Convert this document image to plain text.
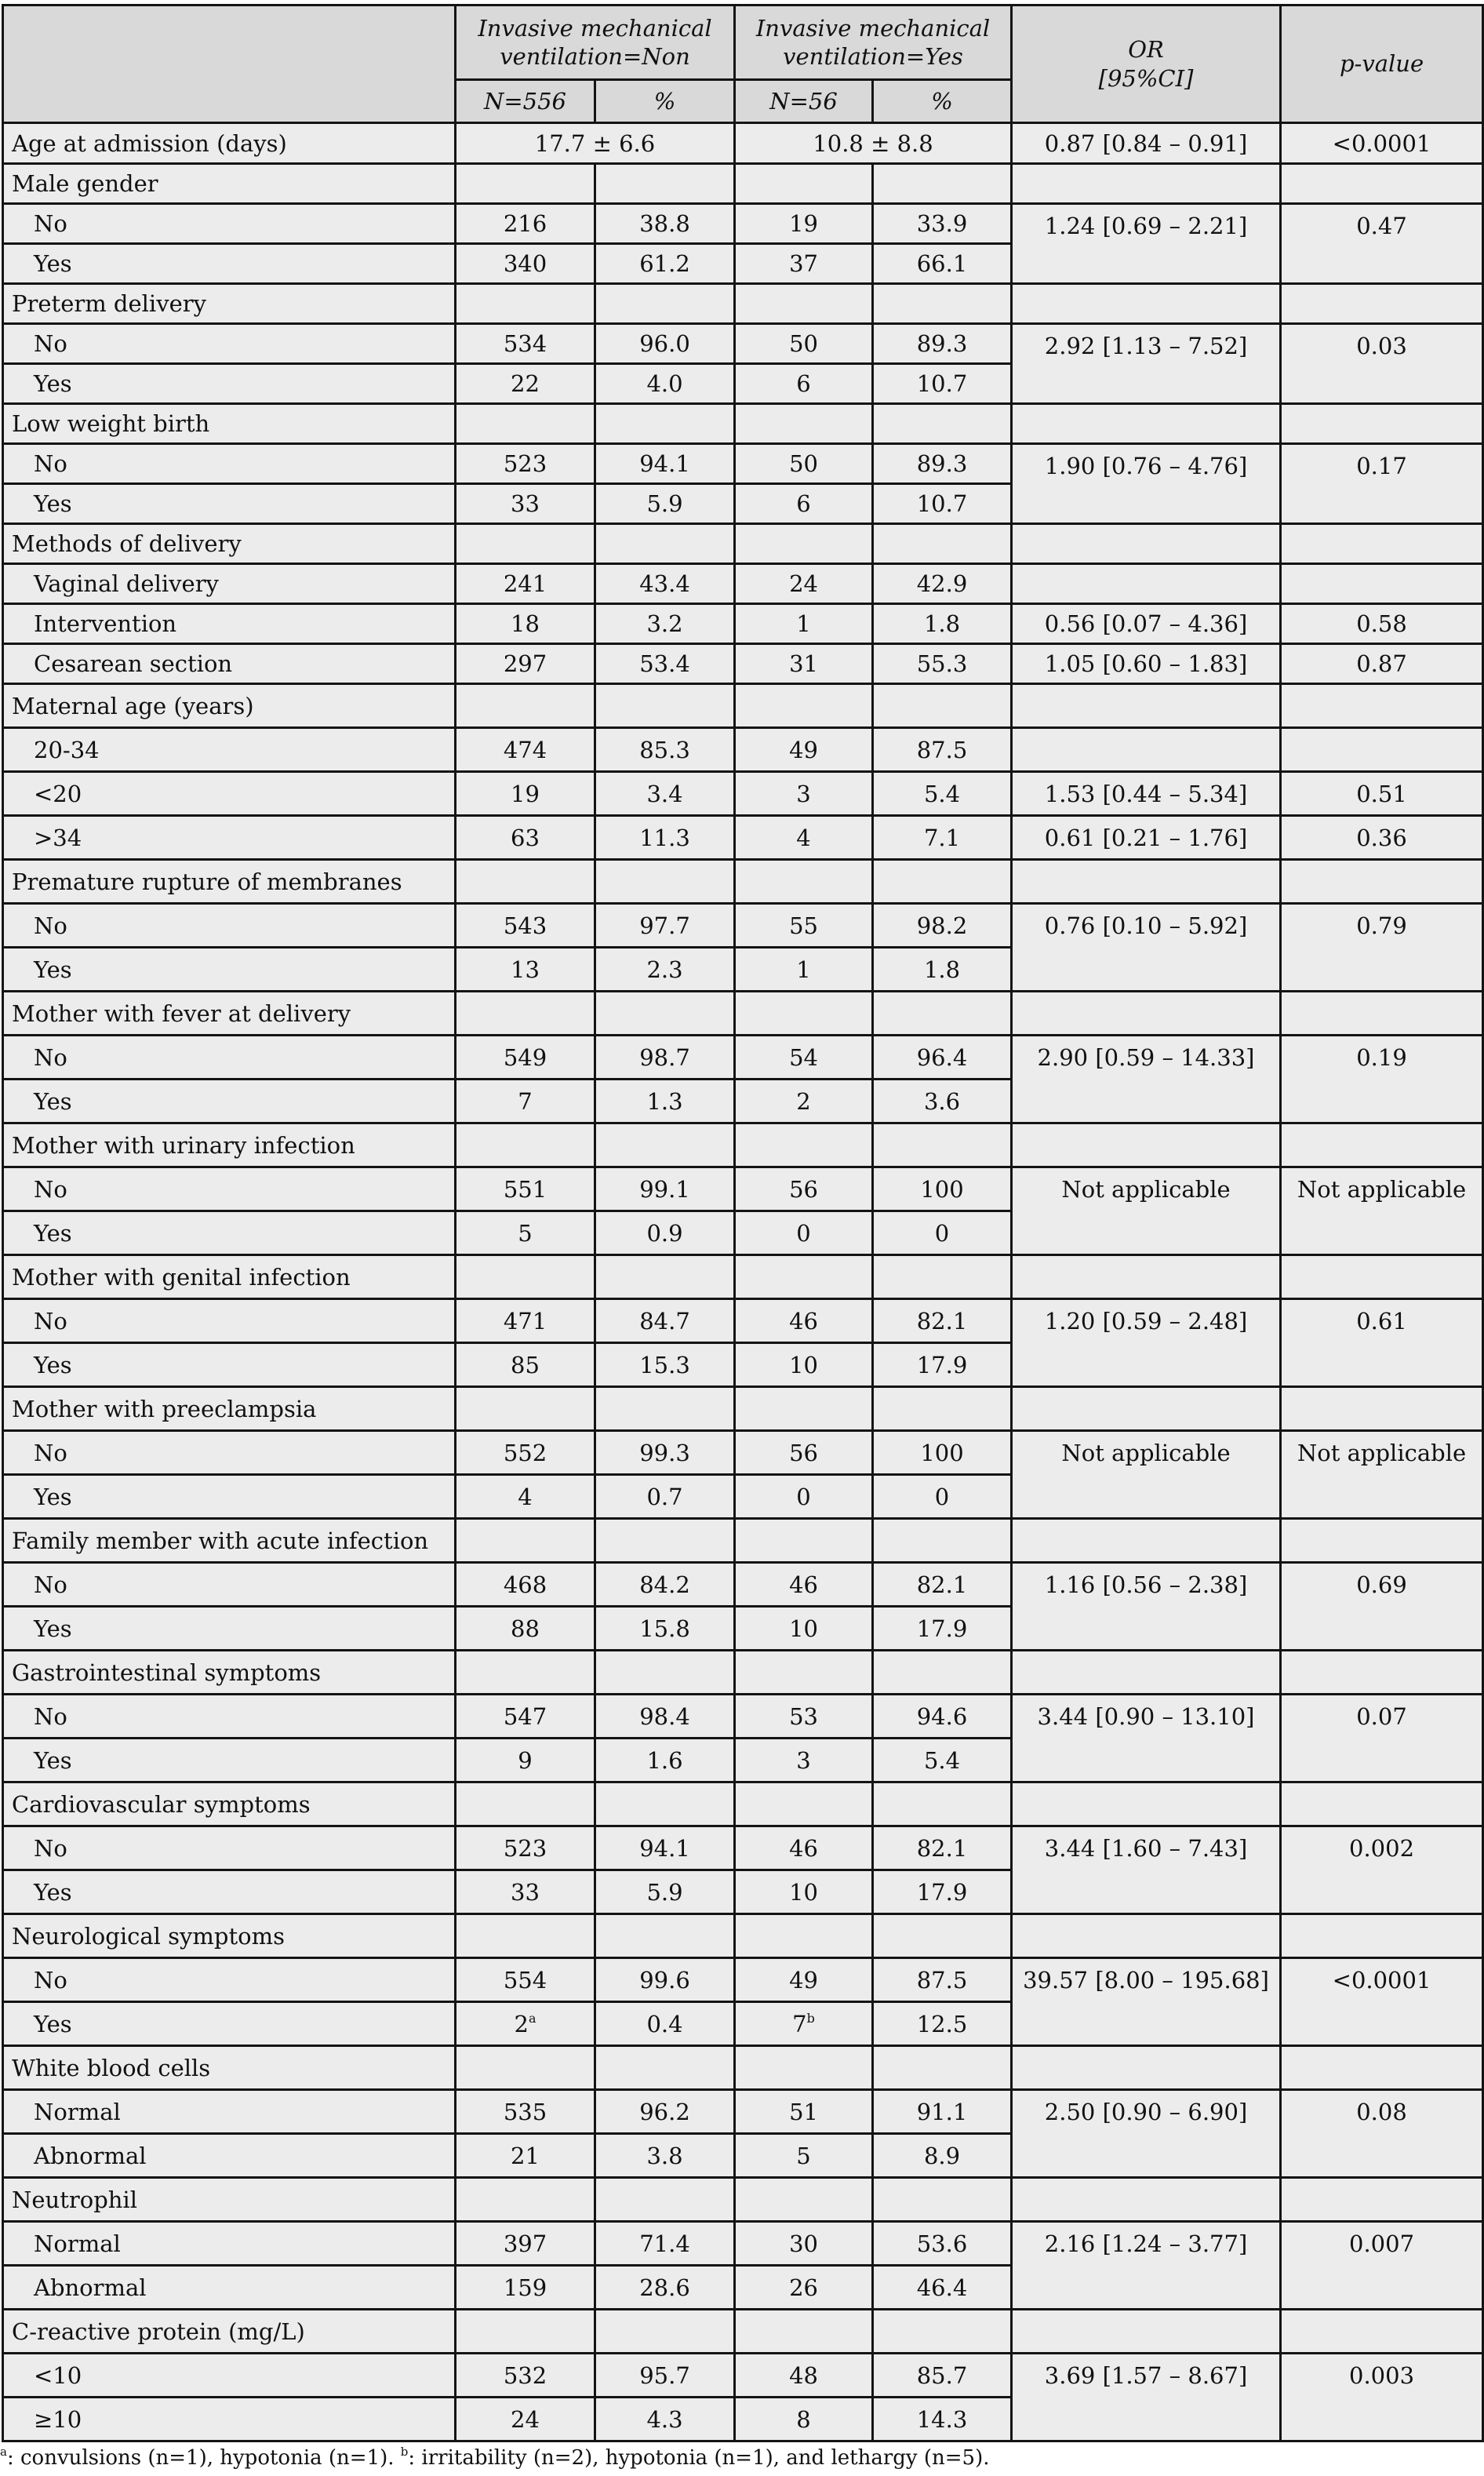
	Invasive mechanical
ventilation=Non		Invasive mechanical
ventilation=Yes		OR
[95%CI]	p-value
	N=556	%	N=56	%		
Age at admission (days)	17.7 ± 6.6		10.8 ± 8.8		0.87 [0.84 – 0.91]	<0.0001
Male gender						
No	216	38.8	19	33.9	1.24 [0.69 – 2.21]	0.47
Yes	340	61.2	37	66.1		
Preterm delivery						
No	534	96.0	50	89.3	2.92 [1.13 – 7.52]	0.03
Yes	22	4.0	6	10.7		
Low weight birth						
No	523	94.1	50	89.3	1.90 [0.76 – 4.76]	0.17
Yes	33	5.9	6	10.7		
Methods of delivery						
Vaginal delivery	241	43.4	24	42.9		
Intervention	18	3.2	1	1.8	0.56 [0.07 – 4.36]	0.58
Cesarean section	297	53.4	31	55.3	1.05 [0.60 – 1.83]	0.87
Maternal age (years)						
20-34	474	85.3	49	87.5		
<20	19	3.4	3	5.4	1.53 [0.44 – 5.34]	0.51
>34	63	11.3	4	7.1	0.61 [0.21 – 1.76]	0.36
Premature rupture of membranes						
No	543	97.7	55	98.2	0.76 [0.10 – 5.92]	0.79
Yes	13	2.3	1	1.8		
Mother with fever at delivery						
No	549	98.7	54	96.4	2.90 [0.59 – 14.33]	0.19
Yes	7	1.3	2	3.6		
Mother with urinary infection						
No	551	99.1	56	100	Not applicable	Not applicable
Yes	5	0.9	0	0		
Mother with genital infection						
No	471	84.7	46	82.1	1.20 [0.59 – 2.48]	0.61
Yes	85	15.3	10	17.9		
Mother with preeclampsia						
No	552	99.3	56	100	Not applicable	Not applicable
Yes	4	0.7	0	0		
Family member with acute infection						
No	468	84.2	46	82.1	1.16 [0.56 – 2.38]	0.69
Yes	88	15.8	10	17.9		
Gastrointestinal symptoms						
No	547	98.4	53	94.6	3.44 [0.90 – 13.10]	0.07
Yes	9	1.6	3	5.4		
Cardiovascular symptoms						
No	523	94.1	46	82.1	3.44 [1.60 – 7.43]	0.002
Yes	33	5.9	10	17.9		
Neurological symptoms						
No	554	99.6	49	87.5	39.57 [8.00 – 195.68]	<0.0001
Yes	2$^a$	0.4	7$^b$	12.5		
White blood cells						
Normal	535	96.2	51	91.1	2.50 [0.90 – 6.90]	0.08
Abnormal	21	3.8	5	8.9		
Neutrophil						
Normal	397	71.4	30	53.6	2.16 [1.24 – 3.77]	0.007
Abnormal	159	28.6	26	46.4		
C-reactive protein (mg/L)						
<10	532	95.7	48	85.7	3.69 [1.57 – 8.67]	0.003
≥10	24	4.3	8	14.3		
$^a$: convulsions (n=1), hypotonia (n=1). $^b$: irritability (n=2), hypotonia (n=1), and lethargy (n=5).
